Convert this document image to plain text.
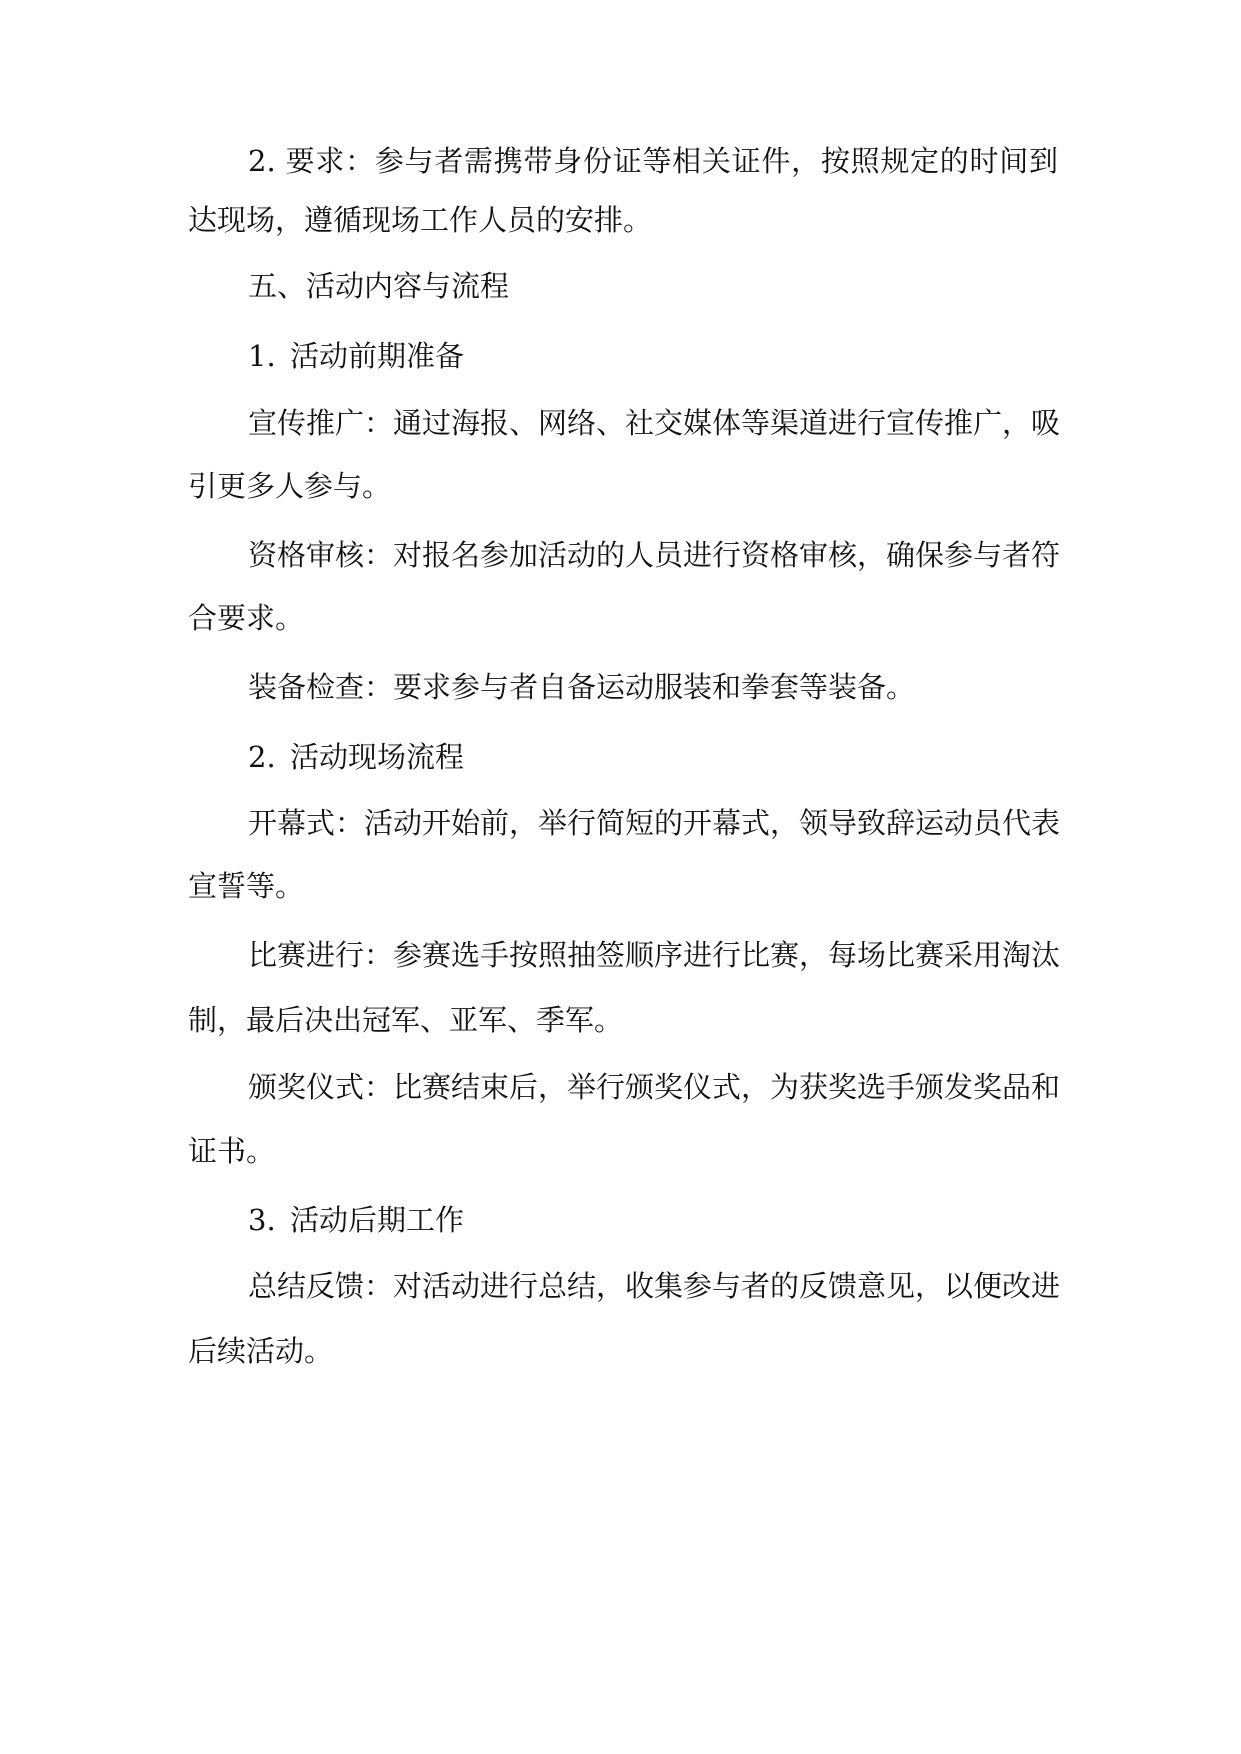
2. 要求：参与者需携带身份证等相关证件，按照规定的时间到

达现场，遵循现场工作人员的安排。

五、活动内容与流程

1. 活动前期准备

宣传推广：通过海报、网络、社交媒体等渠道进行宣传推广，吸

引更多人参与。

资格审核：对报名参加活动的人员进行资格审核，确保参与者符

合要求。

装备检查：要求参与者自备运动服装和拳套等装备。

2. 活动现场流程

开幕式：活动开始前，举行简短的开幕式，领导致辞运动员代表

宣誓等。

比赛进行：参赛选手按照抽签顺序进行比赛，每场比赛采用淘汰

制，最后决出冠军、亚军、季军。

颁奖仪式：比赛结束后，举行颁奖仪式，为获奖选手颁发奖品和

证书。

3. 活动后期工作

总结反馈：对活动进行总结，收集参与者的反馈意见，以便改进

后续活动。
